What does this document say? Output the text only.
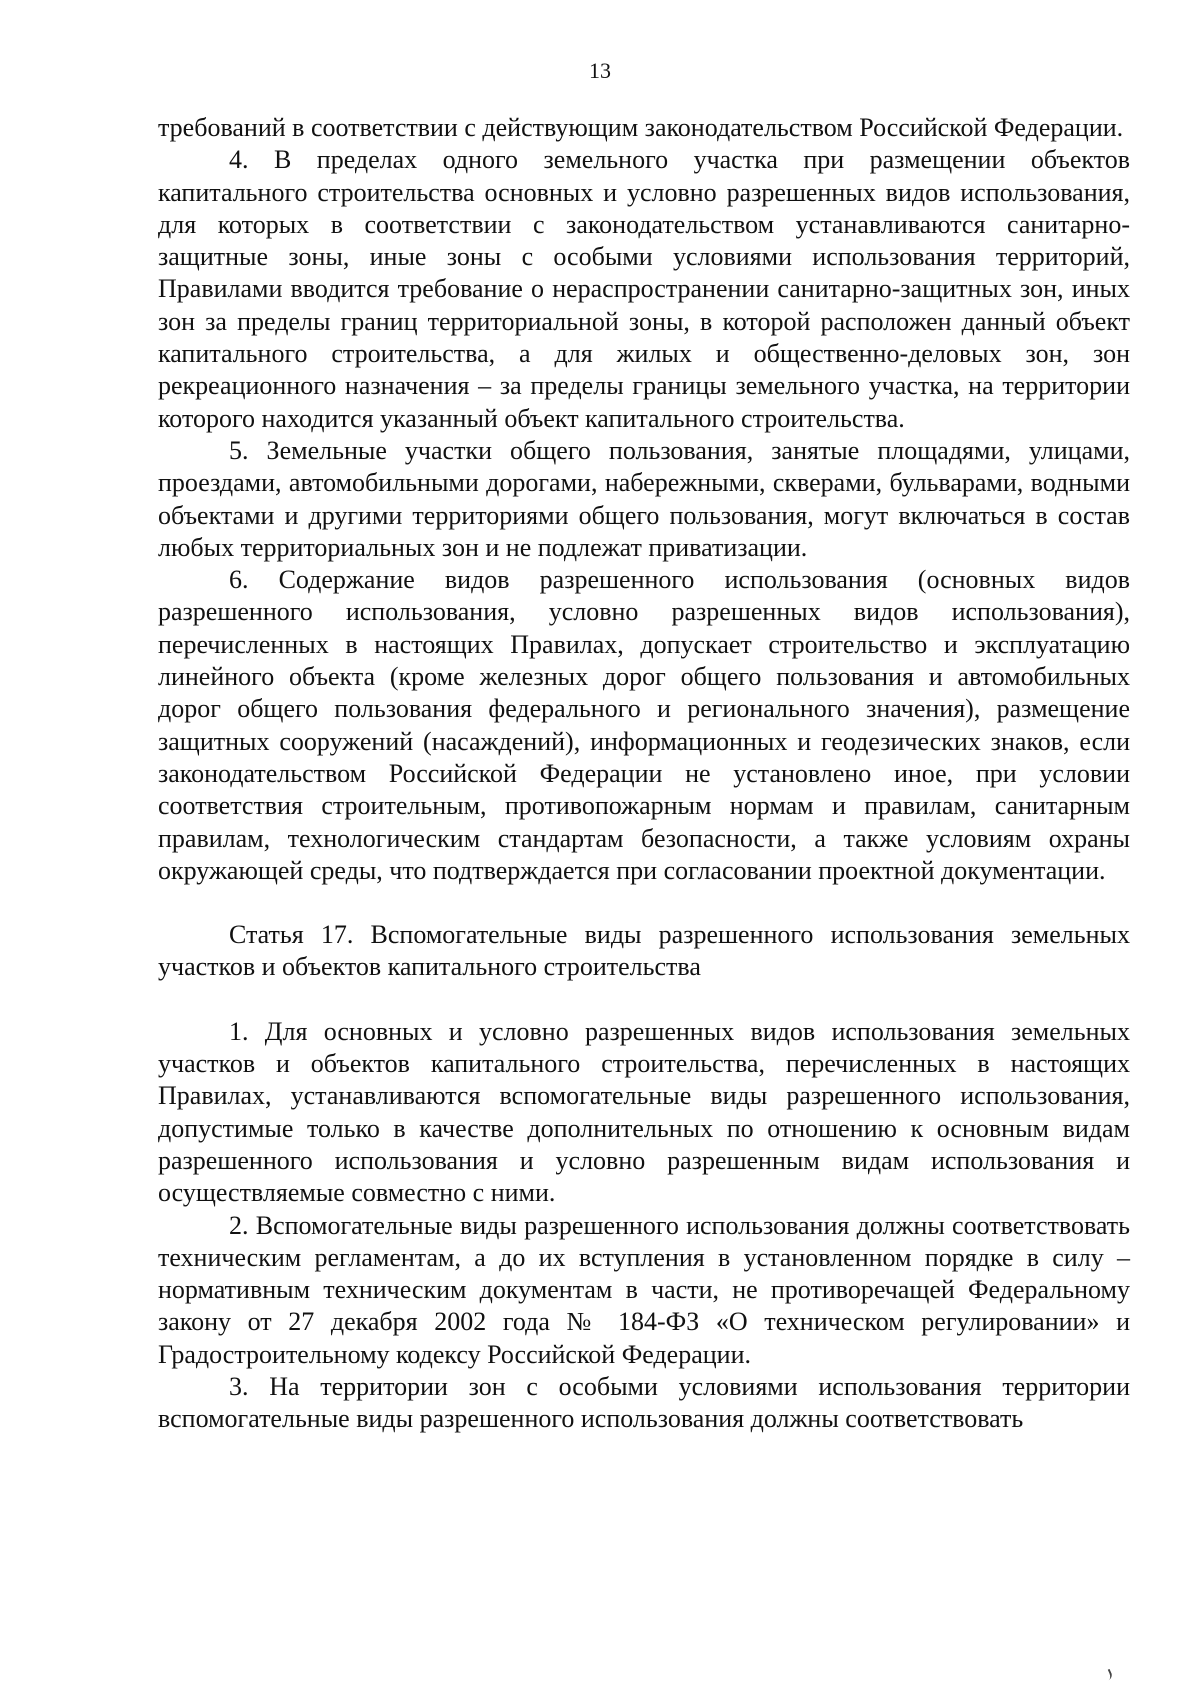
13

требований в соответствии с действующим законодательством Российской Федерации.

4. В пределах одного земельного участка при размещении объектов капитального строительства основных и условно разрешенных видов использования, для которых в соответствии с законодательством устанавливаются санитарно-защитные зоны, иные зоны с особыми условиями использования территорий, Правилами вводится требование о нераспространении санитарно-защитных зон, иных зон за пределы границ территориальной зоны, в которой расположен данный объект капитального строительства, а для жилых и общественно-деловых зон, зон рекреационного назначения – за пределы границы земельного участка, на территории которого находится указанный объект капитального строительства.

5. Земельные участки общего пользования, занятые площадями, улицами, проездами, автомобильными дорогами, набережными, скверами, бульварами, водными объектами и другими территориями общего пользования, могут включаться в состав любых территориальных зон и не подлежат приватизации.

6. Содержание видов разрешенного использования (основных видов разрешенного использования, условно разрешенных видов использования), перечисленных в настоящих Правилах, допускает строительство и эксплуатацию линейного объекта (кроме железных дорог общего пользования и автомобильных дорог общего пользования федерального и регионального значения), размещение защитных сооружений (насаждений), информационных и геодезических знаков, если законодательством Российской Федерации не установлено иное, при условии соответствия строительным, противопожарным нормам и правилам, санитарным правилам, технологическим стандартам безопасности, а также условиям охраны окружающей среды, что подтверждается при согласовании проектной документации.

Статья 17. Вспомогательные виды разрешенного использования земельных участков и объектов капитального строительства

1. Для основных и условно разрешенных видов использования земельных участков и объектов капитального строительства, перечисленных в настоящих Правилах, устанавливаются вспомогательные виды разрешенного использования, допустимые только в качестве дополнительных по отношению к основным видам разрешенного использования и условно разрешенным видам использования и осуществляемые совместно с ними.

2. Вспомогательные виды разрешенного использования должны соответствовать техническим регламентам, а до их вступления в установленном порядке в силу – нормативным техническим документам в части, не противоречащей Федеральному закону от 27 декабря 2002 года № 184-ФЗ «О техническом регулировании» и Градостроительному кодексу Российской Федерации.

3. На территории зон с особыми условиями использования территории вспомогательные виды разрешенного использования должны соответствовать
